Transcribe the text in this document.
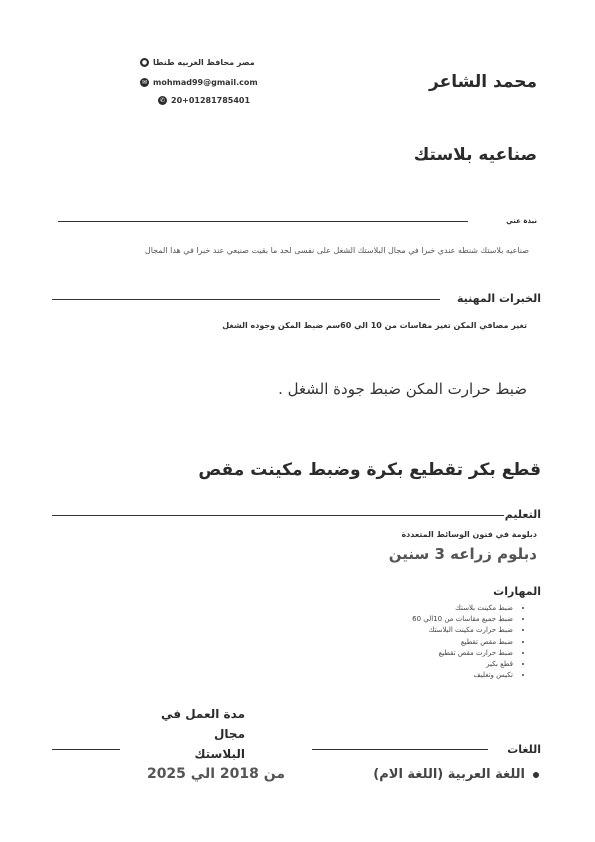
محمد الشاعر
● مصر محافظ الغربيه طنطا
✉ mohmad99@gmail.com
✆ 20+01281785401
صناعيه بلاستك
نبذة عني
صناعيه بلاستك شنطه عندي خبرا في مجال البلاستك الشغل على نفسى لحد ما بقيت صنيعي عند خبرا في هدا المجال
الخبرات المهنية
تغير مصافي المكن تغير مقاسات من 10 الي 60سم ضبط المكن وجوده الشغل
ضبط حرارت المكن ضبط جودة الشغل .
قطع بكر تقطيع بكرة وضبط مكينت مقص
التعليم
دبلومة في فنون الوسائط المتعددة
دبلوم زراعه 3 سنين
المهارات
• ضبط مكينت بلاستك
• ضبط جميع مقاسات من 10الي 60
• ضبط حرارت مكينت البلاستك
• ضبط مقص تقطيع
• ضبط حرارت مقص تقطيع
• قطع بكير
• تكيس وتغليف
مدة العمل في
مجال
البلاستك
من 2018 الي 2025
اللغات
اللغة العربية (اللغة الام)
